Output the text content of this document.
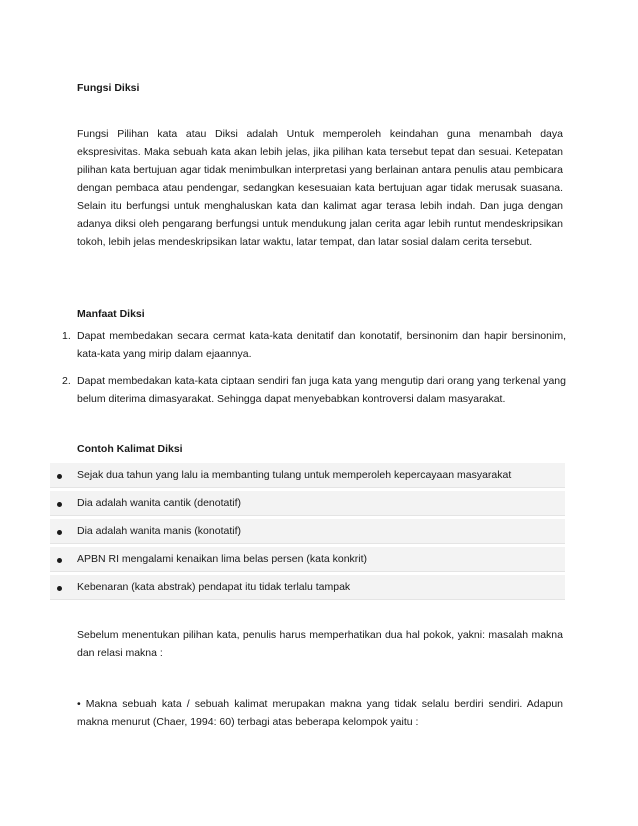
Fungsi Diksi
Fungsi Pilihan kata atau Diksi adalah Untuk memperoleh keindahan guna menambah daya ekspresivitas. Maka sebuah kata akan lebih jelas, jika pilihan kata tersebut tepat dan sesuai. Ketepatan pilihan kata bertujuan agar tidak menimbulkan interpretasi yang berlainan antara penulis atau pembicara dengan pembaca atau pendengar, sedangkan kesesuaian kata bertujuan agar tidak merusak suasana. Selain itu berfungsi untuk menghaluskan kata dan kalimat agar terasa lebih indah. Dan juga dengan adanya diksi oleh pengarang berfungsi untuk mendukung jalan cerita agar lebih runtut mendeskripsikan tokoh, lebih jelas mendeskripsikan latar waktu, latar tempat, dan latar sosial dalam cerita tersebut.
Manfaat Diksi
1. Dapat membedakan secara cermat kata-kata denitatif dan konotatif, bersinonim dan hapir bersinonim, kata-kata yang mirip dalam ejaannya.
2. Dapat membedakan kata-kata ciptaan sendiri fan juga kata yang mengutip dari orang yang terkenal yang belum diterima dimasyarakat. Sehingga dapat menyebabkan kontroversi dalam masyarakat.
Contoh Kalimat Diksi
Sejak dua tahun yang lalu ia membanting tulang untuk memperoleh kepercayaan masyarakat
Dia adalah wanita cantik (denotatif)
Dia adalah wanita manis (konotatif)
APBN RI mengalami kenaikan lima belas persen (kata konkrit)
Kebenaran (kata abstrak) pendapat itu tidak terlalu tampak
Sebelum menentukan pilihan kata, penulis harus memperhatikan dua hal pokok, yakni: masalah makna dan relasi makna :
• Makna sebuah kata / sebuah kalimat merupakan makna yang tidak selalu berdiri sendiri. Adapun makna menurut (Chaer, 1994: 60) terbagi atas beberapa kelompok yaitu :
